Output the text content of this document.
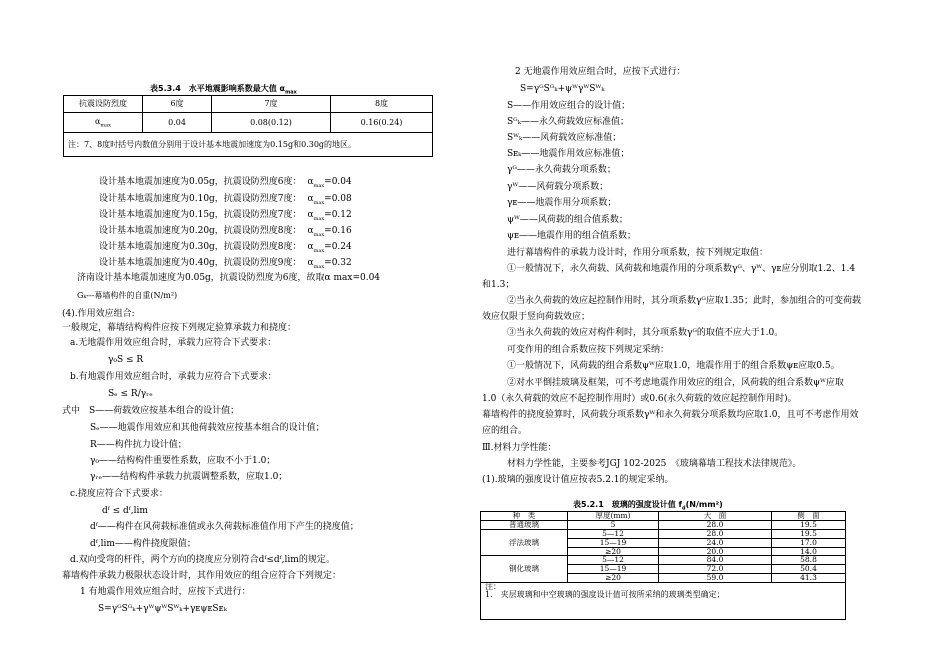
表5.3.4　水平地震影响系数最大值 $\alpha_{max}$
抗震设防烈度	6度	7度	8度
$\alpha_{max}$	0.04	0.08(0.12)	0.16(0.24)
注：7、8度时括号内数值分别用于设计基本地震加速度为0.15g和0.30g的地区。			
设计基本地震加速度为0.05g，抗震设防烈度6度： $\alpha_{max}=0.04$
设计基本地震加速度为0.10g，抗震设防烈度7度： $\alpha_{max}=0.08$
设计基本地震加速度为0.15g，抗震设防烈度7度： $\alpha_{max}=0.12$
设计基本地震加速度为0.20g，抗震设防烈度8度： $\alpha_{max}=0.16$
设计基本地震加速度为0.30g，抗震设防烈度8度： $\alpha_{max}=0.24$
设计基本地震加速度为0.40g，抗震设防烈度9度： $\alpha_{max}=0.32$
济南设计基本地震加速度为0.05g，抗震设防烈度为6度，故取α max=0.04
Gₖ---幕墙构件的自重(N/m²)
(4).作用效应组合:
一般规定，幕墙结构构件应按下列规定验算承载力和挠度：
a.无地震作用效应组合时，承载力应符合下式要求：
γ₀S ≤ R
b.有地震作用效应组合时，承载力应符合下式要求：
Sₑ ≤ R/γᵣₑ
式中　S——荷载效应按基本组合的设计值；
Sₑ——地震作用效应和其他荷载效应按基本组合的设计值；
R——构件抗力设计值；
γ₀——结构构件重要性系数，应取不小于1.0；
γᵣₑ——结构构件承载力抗震调整系数，应取1.0；
c.挠度应符合下式要求：
dᶠ ≤ dᶠ,lim
dᶠ——构件在风荷载标准值或永久荷载标准值作用下产生的挠度值；
dᶠ,lim——构件挠度限值；
d.双向受弯的杆件，两个方向的挠度应分别符合dᶠ≤dᶠ,lim的规定。
幕墙构件承载力极限状态设计时，其作用效应的组合应符合下列规定：
1 有地震作用效应组合时，应按下式进行：
S=γᴳSᴳₖ+γᵂψᵂSᵂₖ+γᴇψᴇSᴇₖ
2 无地震作用效应组合时，应按下式进行：
S=γᴳSᴳₖ+ψᵂγᵂSᵂₖ
S——作用效应组合的设计值；
Sᴳₖ——永久荷载效应标准值；
Sᵂₖ——风荷载效应标准值；
Sᴇₖ——地震作用效应标准值；
γᴳ——永久荷载分项系数；
γᵂ——风荷载分项系数；
γᴇ——地震作用分项系数；
ψᵂ——风荷载的组合值系数；
ψᴇ——地震作用的组合值系数；
进行幕墙构件的承载力设计时，作用分项系数，按下列规定取值：
①一般情况下，永久荷载、风荷载和地震作用的分项系数γᴳ、γᵂ、γᴇ应分别取1.2、1.4
和1.3；
②当永久荷载的效应起控制作用时，其分项系数γᴳ应取1.35；此时，参加组合的可变荷载
效应仅限于竖向荷载效应；
③当永久荷载的效应对构件利时，其分项系数γᴳ的取值不应大于1.0。
可变作用的组合系数应按下列规定采纳：
①一般情况下，风荷载的组合系数ψᵂ应取1.0，地震作用于的组合系数ψᴇ应取0.5。
②对水平倒挂玻璃及框架，可不考虑地震作用效应的组合，风荷载的组合系数ψᵂ应取
1.0（永久荷载的效应不起控制作用时）或0.6(永久荷载的效应起控制作用时)。
幕墙构件的挠度验算时，风荷载分项系数γᵂ和永久荷载分项系数均应取1.0，且可不考虑作用效
应的组合。
Ⅲ.材料力学性能：
材料力学性能，主要参考JGJ 102-2025　《玻璃幕墙工程技术法律规范》。
(1).玻璃的强度设计值应按表5.2.1的规定采纳。
表5.2.1　玻璃的强度设计值 $f_d(N/mm^2)$
种　类	厚度(mm)	大　面	侧　面
普通玻璃	5	28.0	19.5
浮法玻璃	5—12	28.0	19.5
	15—19	24.0	17.0
	≥20	20.0	14.0
钢化玻璃	5—12	84.0	58.8
	15—19	72.0	50.4
	≥20	59.0	41.3

注：
1.　夹层玻璃和中空玻璃的强度设计值可按所采纳的玻璃类型确定；			
